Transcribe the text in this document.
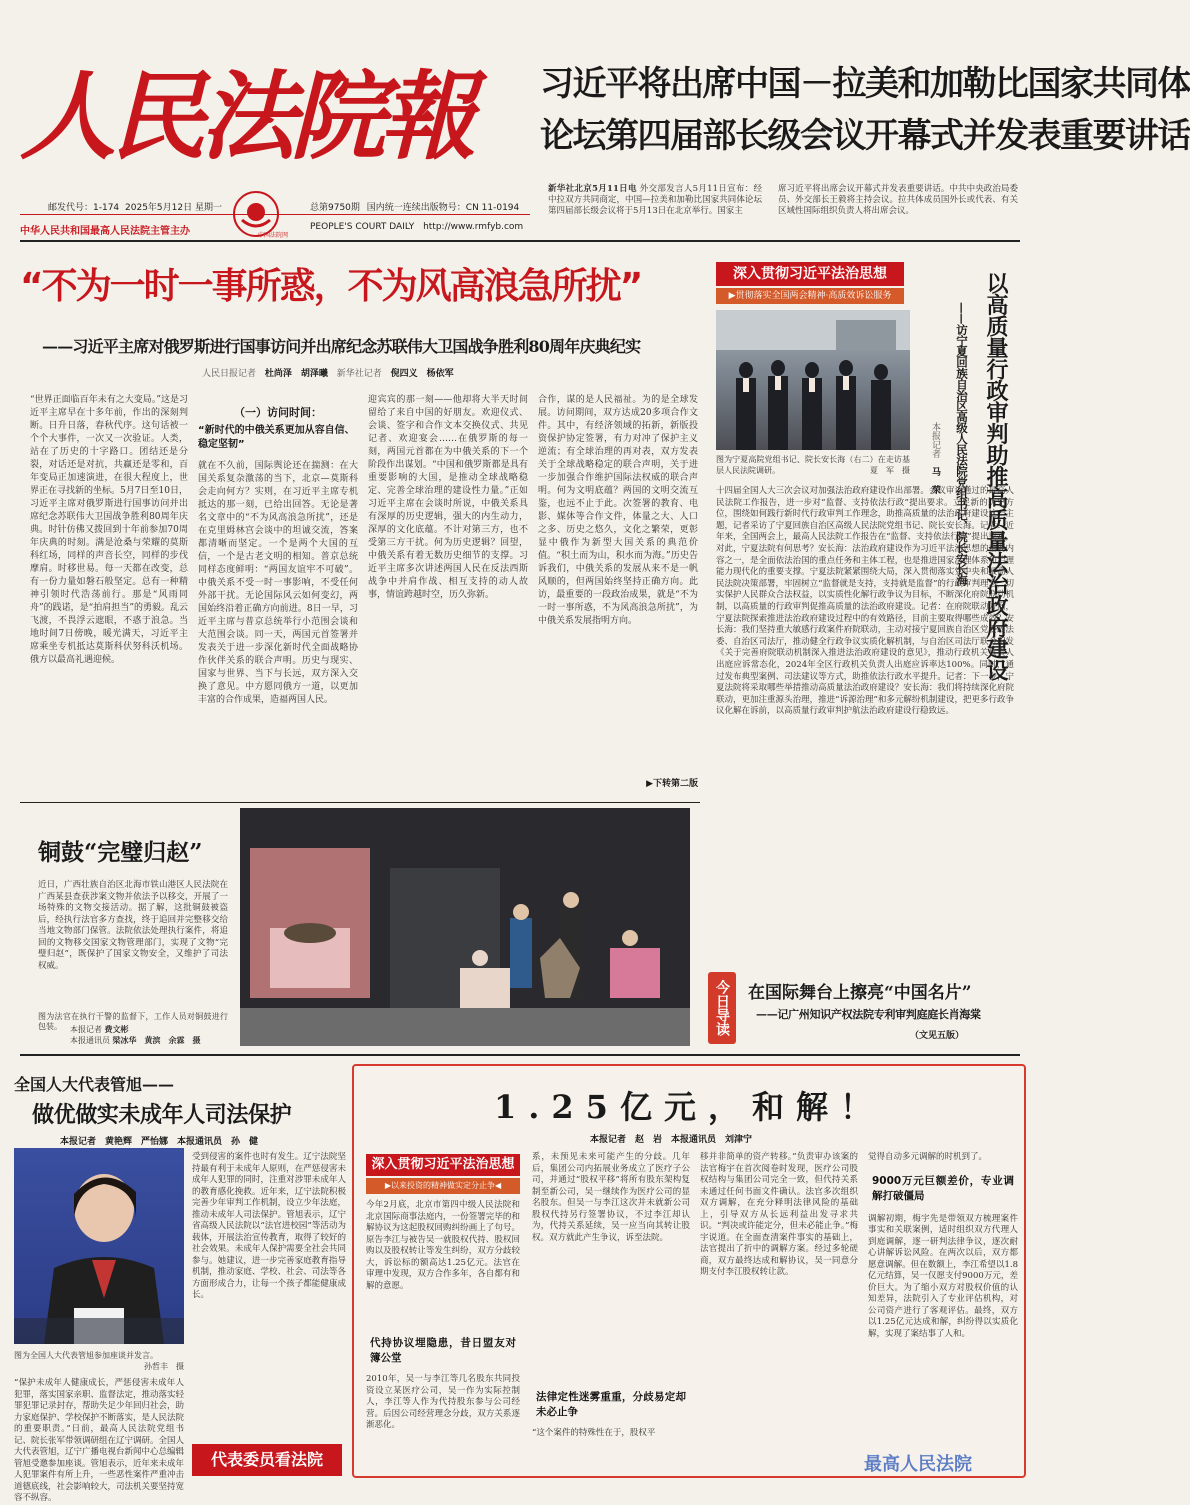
人民法院報
邮发代号：1-174 2025年5月12日 星期一
中华人民共和国最高人民法院主管主办	中国法院网
总第9750期 国内统一连续出版物号：CN 11-0194
PEOPLE'S COURT DAILY http://www.rmfyb.com
习近平将出席中国－拉美和加勒比国家共同体
论坛第四届部长级会议开幕式并发表重要讲话
新华社北京5月11日电 外交部发言人5月11日宣布：经中拉双方共同商定，中国—拉美和加勒比国家共同体论坛第四届部长级会议将于5月13日在北京举行。国家主
席习近平将出席会议开幕式并发表重要讲话。中共中央政治局委员、外交部长王毅将主持会议。拉共体成员国外长或代表、有关区域性国际组织负责人将出席会议。
“不为一时一事所惑，不为风高浪急所扰”
——习近平主席对俄罗斯进行国事访问并出席纪念苏联伟大卫国战争胜利80周年庆典纪实
人民日报记者 杜尚泽　胡泽曦 新华社记者 倪四义　杨依军
“世界正面临百年未有之大变局。”这是习近平主席早在十多年前，作出的深刻判断。日升日落，春秋代序。这句话被一个个大事件，一次又一次验证。人类，站在了历史的十字路口。团结还是分裂，对话还是对抗，共赢还是零和，百年变局正加速演进，在很大程度上，世界正在寻找新的坐标。5月7日至10日，习近平主席对俄罗斯进行国事访问并出席纪念苏联伟大卫国战争胜利80周年庆典。时针仿佛又拨回到十年前参加70周年庆典的时刻。满是沧桑与荣耀的莫斯科红场，同样的声音长空，同样的步伐摩肩。时移世易。每一天都在改变，总有一份力量如磐石般坚定。总有一种精神引领时代浩荡前行。那是“风雨同舟”的践诺，是“拍肩担当”的勇毅。乱云飞渡，不畏浮云遮眼，不惑于浪急。当地时间7日傍晚，暖光满天，习近平主席乘坐专机抵达莫斯科伏努科沃机场。俄方以最高礼遇迎候。
（一）访问时间：
“新时代的中俄关系更加从容自信、稳定坚韧”
就在不久前，国际舆论还在揣测：在大国关系复杂激荡的当下，北京—莫斯科会走向何方？实则，在习近平主席专机抵达的那一刻，已给出回答。无论是著名文章中的“不为风高浪急所扰”，还是在克里姆林宫会谈中的坦诚交流，答案都清晰而坚定。一个是两个大国的互信，一个是古老文明的相知。普京总统同样态度鲜明：“两国友谊牢不可破”。中俄关系不受一时一事影响，不受任何外部干扰。无论国际风云如何变幻，两国始终沿着正确方向前进。8日一早，习近平主席与普京总统举行小范围会谈和大范围会谈。同一天，两国元首签署并发表关于进一步深化新时代全面战略协作伙伴关系的联合声明。历史与现实、国家与世界、当下与长远，双方深入交换了意见。中方愿同俄方一道，以更加丰富的合作成果，造福两国人民。
迎宾宾的那一刻——他却将大半天时间留给了来自中国的好朋友。欢迎仪式、会谈、签字和合作文本交换仪式、共见记者、欢迎宴会……在俄罗斯的每一刻，两国元首都在为中俄关系的下一个阶段作出谋划。“中国和俄罗斯都是具有重要影响的大国，是推动全球战略稳定、完善全球治理的建设性力量。”正如习近平主席在会谈时所说，中俄关系具有深厚的历史逻辑，强大的内生动力，深厚的文化底蕴。不计对第三方，也不受第三方干扰。何为历史逻辑？回望，中俄关系有着无数历史细节的支撑。习近平主席多次讲述两国人民在反法西斯战争中并肩作战、相互支持的动人故事，情谊跨越时空，历久弥新。
合作，谋的是人民福祉。为的是全球发展。访问期间，双方达成20多项合作文件。其中，有经济领域的拓新，新版投资保护协定签署，有力对冲了保护主义逆流；有全球治理的再对表，双方发表关于全球战略稳定的联合声明，关于进一步加强合作维护国际法权威的联合声明。何为文明底蕴？两国的文明交流互鉴，也远不止于此。次签署的教育、电影、媒体等合作文件，体量之大、人口之多、历史之悠久，文化之繁荣，更彰显中俄作为新型大国关系的典范价值。“积土而为山，积水而为海。”历史告诉我们，中俄关系的发展从来不是一帆风顺的，但两国始终坚持正确方向。此访，最重要的一段政治成果，就是“不为一时一事所惑，不为风高浪急所扰”，为中俄关系发展指明方向。
▶下转第二版
深入贯彻习近平法治思想
▶贯彻落实全国两会精神·高质效诉讼服务
图为宁夏高院党组书记、院长安长海（右二）在走访基层人民法院调研。	夏　军　摄	以高质量行政审判助推高质量法治政府建设
——访宁夏回族自治区高级人民法院党组书记、院长安长海
本报记者 马　荣
十四届全国人大三次会议对加强法治政府建设作出部署。会议审议通过的最高人民法院工作报告，进一步对“监督、支持依法行政”提出要求。立足新的历史方位，围绕如何践行新时代行政审判工作理念，助推高质量的法治政府建设这一主题，记者采访了宁夏回族自治区高级人民法院党组书记、院长安长海。记者：近年来，全国两会上，最高人民法院工作报告在“监督、支持依法行政”提出要求，对此，宁夏法院有何思考？安长海：法治政府建设作为习近平法治思想的重要内容之一，是全面依法治国的重点任务和主体工程，也是推进国家治理体系和治理能力现代化的重要支撑。宁夏法院紧紧围绕大局，深入贯彻落实党中央和最高人民法院决策部署，牢固树立“监督就是支持，支持就是监督”的行政审判理念，切实保护人民群众合法权益，以实质性化解行政争议为目标，不断深化府院联动机制，以高质量的行政审判促推高质量的法治政府建设。记者：在府院联动方面，宁夏法院探索推进法治政府建设过程中的有效路径，目前主要取得哪些成效？安长海：我们坚持重大敏感行政案件府院联动，主动对接宁夏回族自治区党委政法委、自治区司法厅，推动健全行政争议实质化解机制，与自治区司法厅联合印发《关于完善府院联动机制深入推进法治政府建设的意见》，推动行政机关负责人出庭应诉常态化，2024年全区行政机关负责人出庭应诉率达100%。同时，通过发布典型案例、司法建议等方式，助推依法行政水平提升。记者：下一步，宁夏法院将采取哪些举措推动高质量法治政府建设？安长海：我们将持续深化府院联动，更加注重源头治理，推进“诉源治理”和多元解纷机制建设，把更多行政争议化解在诉前，以高质量行政审判护航法治政府建设行稳致远。
铜鼓“完璧归赵”
近日，广西壮族自治区北海市铁山港区人民法院在广西某县查获涉案文物并依法予以移交，开展了一场特殊的文物交接活动。据了解，这批铜鼓被盗后，经执行法官多方查找，终于追回并完整移交给当地文物部门保管。法院依法处理执行案件，将追回的文物移交国家文物管理部门，实现了文物“完璧归赵”，既保护了国家文物安全，又维护了司法权威。
图为法官在执行干警的监督下，工作人员对铜鼓进行包装。	本报记者 费文彬
本报通讯员 梁冰华　黄滨　余霖　摄
今日导读	在国际舞台上擦亮“中国名片”
——记广州知识产权法院专利审判庭庭长肖海棠
（文见五版）
全国人大代表管旭——
做优做实未成年人司法保护
本报记者　黄艳辉　严怡娜　本报通讯员　孙　健
图为全国人大代表管旭参加座谈并发言。
孙哲丰　摄
“保护未成年人健康成长，严惩侵害未成年人犯罪，落实国家亲职、监督法定，推动落实轻罪犯罪记录封存，帮助失足少年回归社会，助力家庭保护、学校保护不断落实，是人民法院的重要职责。”日前，最高人民法院党组书记、院长张军带领调研组在辽宁调研。全国人大代表管旭，辽宁广播电视台新闻中心总编辑管旭受邀参加座谈。管旭表示，近年来未成年人犯罪案件有所上升，一些恶性案件严重冲击道德底线，社会影响较大，司法机关要坚持宽容不纵容。
受到侵害的案件也时有发生。辽宁法院坚持最有利于未成年人原则，在严惩侵害未成年人犯罪的同时，注重对涉罪未成年人的教育感化挽救。近年来，辽宁法院积极完善少年审判工作机制，设立少年法庭，推动未成年人司法保护。管旭表示，辽宁省高级人民法院以“法官进校园”等活动为载体，开展法治宣传教育，取得了较好的社会效果。未成年人保护需要全社会共同参与。她建议，进一步完善家庭教育指导机制，推动家庭、学校、社会、司法等各方面形成合力，让每一个孩子都能健康成长。
代表委员看法院
1.25亿元，和解！
本报记者　赵　岩　本报通讯员　刘津宁
深入贯彻习近平法治思想
▶以来投资的精神做实定分止争◀
今年2月底，北京市第四中级人民法院和北京国际商事法庭内，一份签署完毕的和解协议为这起股权回购纠纷画上了句号。原告李江与被告吴一就股权代持、股权回购以及股权转让等发生纠纷，双方分歧较大，诉讼标的额高达1.25亿元。法官在审理中发现，双方合作多年，各自都有和解的意愿。
代持协议埋隐患，昔日盟友对簿公堂
2010年，吴一与李江等几名股东共同投资设立某医疗公司，吴一作为实际控制人，李江等人作为代持股东参与公司经营。后因公司经营理念分歧，双方关系逐渐恶化。
系，未预见未来可能产生的分歧。几年后，集团公司内拓展业务成立了医疗子公司，并通过“股权平移”将所有股东架构复制至新公司，吴一继续作为医疗公司的显名股东。但吴一与李江这次并未就新公司股权代持另行签署协议，不过李江却认为，代持关系延续，吴一应当向其转让股权。双方就此产生争议，诉至法院。
法律定性迷雾重重，分歧易定却未必止争
“这个案件的特殊性在于，股权平
移并非简单的资产转移。”负责审办该案的法官梅宇在首次阅卷时发现，医疗公司股权结构与集团公司完全一致，但代持关系未通过任何书面文件确认。法官多次组织双方调解，在充分释明法律风险的基础上，引导双方从长远利益出发寻求共识。“判决或许能定分，但未必能止争。”梅宇说道。在全面查清案件事实的基础上，法官提出了折中的调解方案。经过多轮磋商，双方最终达成和解协议，吴一同意分期支付李江股权转让款。
觉得自动多元调解的时机到了。
9000万元巨额差价，专业调解打破僵局
调解初期，梅宇先是带领双方梳理案件事实和关联案例，适时组织双方代理人到庭调解，逐一研判法律争议，逐次耐心讲解诉讼风险。在两次以后，双方都愿意调解。但在数额上，李江希望以1.8亿元结算，吴一仅愿支付9000万元，差价巨大。为了缩小双方对股权价值的认知差异，法院引入了专业评估机构，对公司资产进行了客观评估。最终，双方以1.25亿元达成和解，纠纷得以实质化解，实现了案结事了人和。
最高人民法院
